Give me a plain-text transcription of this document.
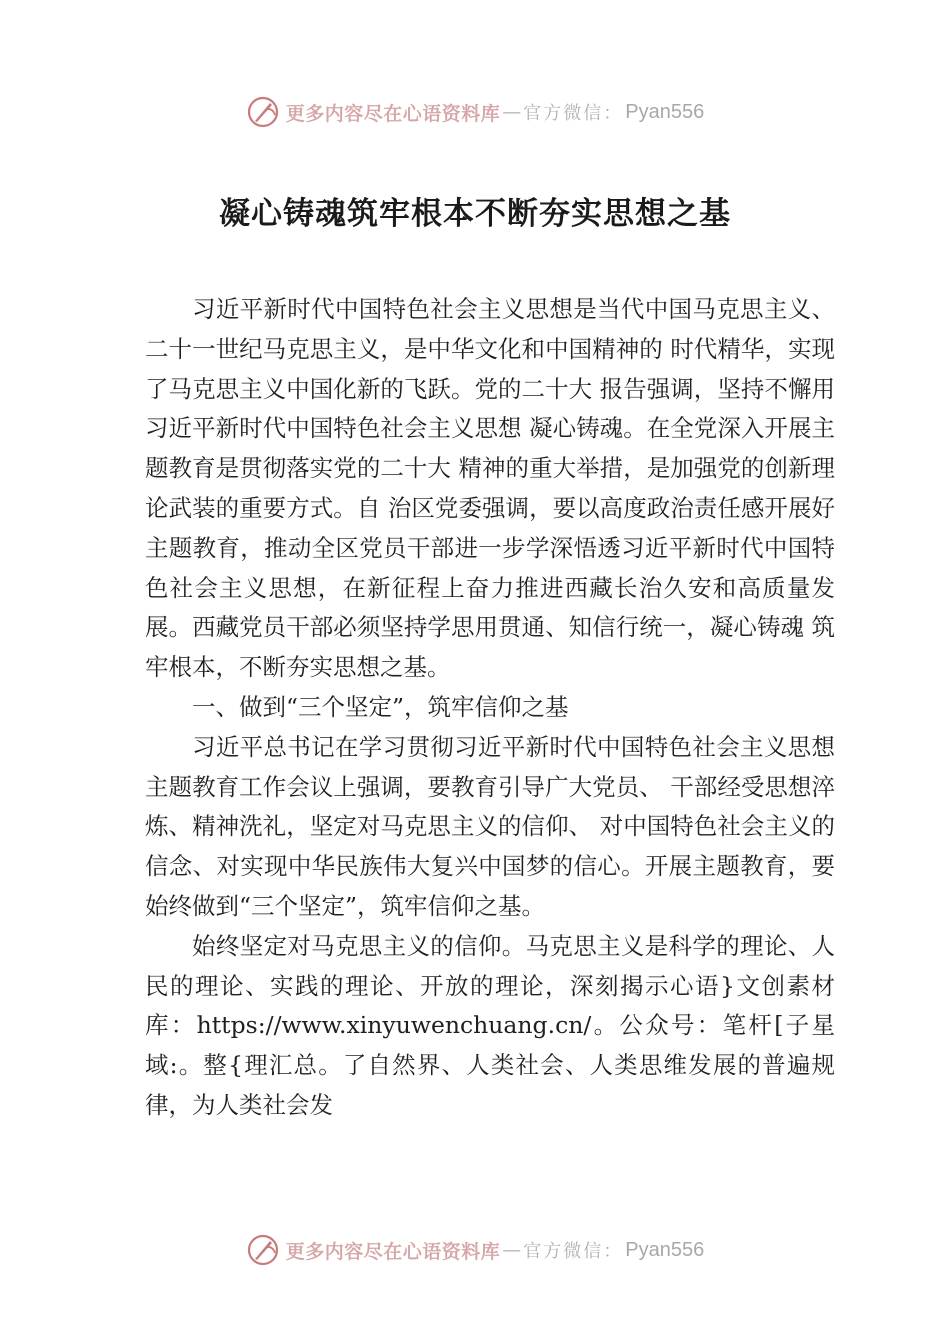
更多内容尽在心语资料库 — 官方微信： Pyan556
凝心铸魂筑牢根本不断夯实思想之基

习近平新时代中国特色社会主义思想是当代中国马克思主义、二十一世纪马克思主义，是中华文化和中国精神的 时代精华，实现了马克思主义中国化新的飞跃。党的二十大 报告强调，坚持不懈用习近平新时代中国特色社会主义思想 凝心铸魂。在全党深入开展主题教育是贯彻落实党的二十大 精神的重大举措，是加强党的创新理论武装的重要方式。自 治区党委强调，要以高度政治责任感开展好主题教育，推动全区党员干部进一步学深悟透习近平新时代中国特色社会主义思想，在新征程上奋力推进西藏长治久安和高质量发展。西藏党员干部必须坚持学思用贯通、知信行统一，凝心铸魂 筑牢根本，不断夯实思想之基。

一、做到“三个坚定”，筑牢信仰之基

习近平总书记在学习贯彻习近平新时代中国特色社会主义思想主题教育工作会议上强调，要教育引导广大党员、 干部经受思想淬炼、精神洗礼，坚定对马克思主义的信仰、 对中国特色社会主义的信念、对实现中华民族伟大复兴中国梦的信心。开展主题教育，要始终做到“三个坚定”，筑牢信仰之基。

始终坚定对马克思主义的信仰。马克思主义是科学的理论、人民的理论、实践的理论、开放的理论，深刻揭示心语}文创素材库：https://www.xinyuwenchuang.cn/。公众号：笔杆[子星域:。整{理汇总。了自然界、人类社会、人类思维发展的普遍规律，为人类社会发

更多内容尽在心语资料库 — 官方微信： Pyan556
